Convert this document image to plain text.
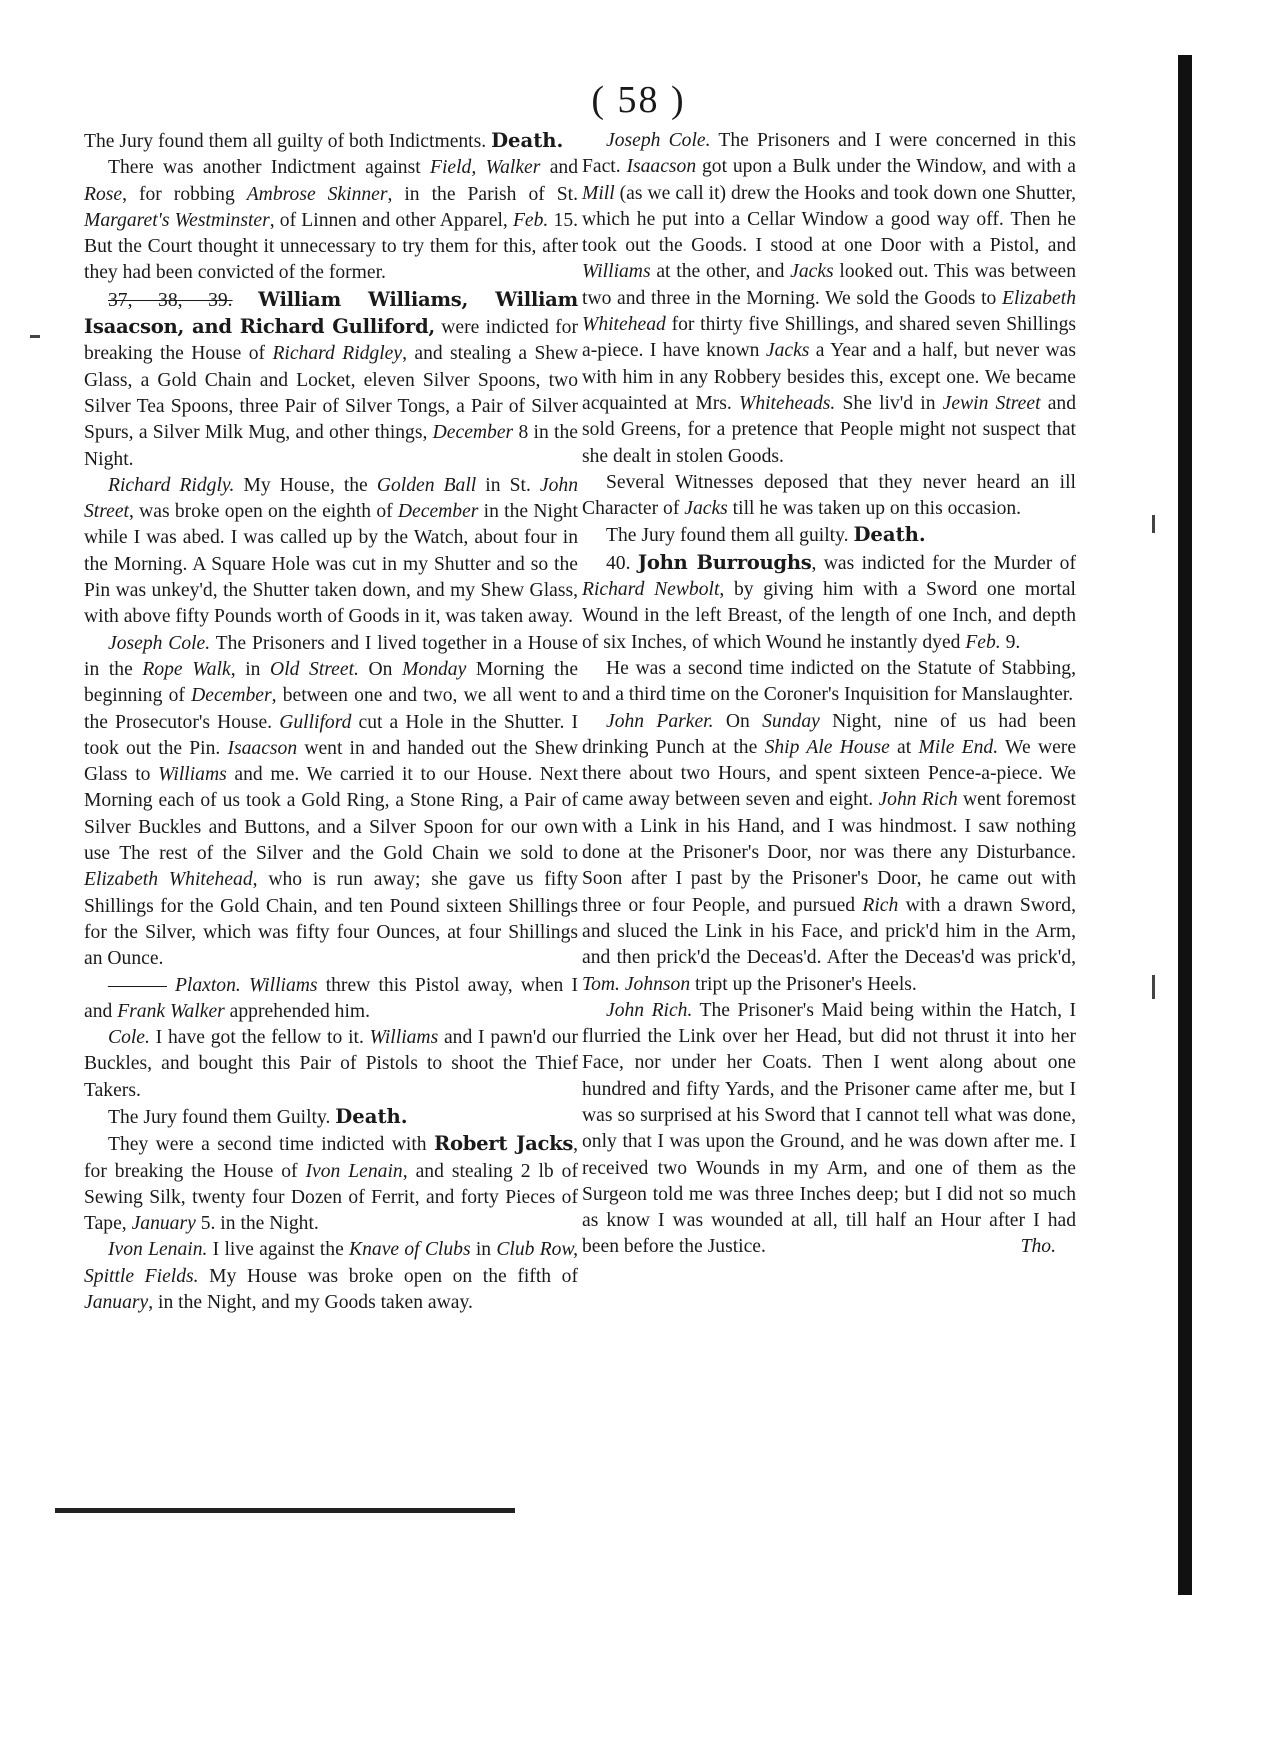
( 58 )

The Jury found them all guilty of both Indictments. Death.

There was another Indictment against Field, Walker and Rose, for robbing Ambrose Skinner, in the Parish of St. Margaret's Westminster, of Linnen and other Apparel, Feb. 15. But the Court thought it unnecessary to try them for this, after they had been convicted of the former.

37, 38, 39. William Williams, William Isaacson, and Richard Gulliford, were indicted for breaking the House of Richard Ridgley, and stealing a Shew Glass, a Gold Chain and Locket, eleven Silver Spoons, two Silver Tea Spoons, three Pair of Silver Tongs, a Pair of Silver Spurs, a Silver Milk Mug, and other things, December 8 in the Night.

Richard Ridgly. My House, the Golden Ball in St. John Street, was broke open on the eighth of December in the Night while I was abed. I was called up by the Watch, about four in the Morning. A Square Hole was cut in my Shutter and so the Pin was unkey'd, the Shutter taken down, and my Shew Glass, with above fifty Pounds worth of Goods in it, was taken away.

Joseph Cole. The Prisoners and I lived together in a House in the Rope Walk, in Old Street. On Monday Morning the beginning of December, between one and two, we all went to the Prosecutor's House. Gulliford cut a Hole in the Shutter. I took out the Pin. Isaacson went in and handed out the Shew Glass to Williams and me. We carried it to our House. Next Morning each of us took a Gold Ring, a Stone Ring, a Pair of Silver Buckles and Buttons, and a Silver Spoon for our own use The rest of the Silver and the Gold Chain we sold to Elizabeth Whitehead, who is run away; she gave us fifty Shillings for the Gold Chain, and ten Pound sixteen Shillings for the Silver, which was fifty four Ounces, at four Shillings an Ounce.

——— Plaxton. Williams threw this Pistol away, when I and Frank Walker apprehended him.

Cole. I have got the fellow to it. Williams and I pawn'd our Buckles, and bought this Pair of Pistols to shoot the Thief Takers.

The Jury found them Guilty. Death.

They were a second time indicted with Robert Jacks, for breaking the House of Ivon Lenain, and stealing 2 lb of Sewing Silk, twenty four Dozen of Ferrit, and forty Pieces of Tape, January 5. in the Night.

Ivon Lenain. I live against the Knave of Clubs in Club Row, Spittle Fields. My House was broke open on the fifth of January, in the Night, and my Goods taken away.

Joseph Cole. The Prisoners and I were concerned in this Fact. Isaacson got upon a Bulk under the Window, and with a Mill (as we call it) drew the Hooks and took down one Shutter, which he put into a Cellar Window a good way off. Then he took out the Goods. I stood at one Door with a Pistol, and Williams at the other, and Jacks looked out. This was between two and three in the Morning. We sold the Goods to Elizabeth Whitehead for thirty five Shillings, and shared seven Shillings a-piece. I have known Jacks a Year and a half, but never was with him in any Robbery besides this, except one. We became acquainted at Mrs. Whiteheads. She liv'd in Jewin Street and sold Greens, for a pretence that People might not suspect that she dealt in stolen Goods.

Several Witnesses deposed that they never heard an ill Character of Jacks till he was taken up on this occasion.

The Jury found them all guilty. Death.

40. John Burroughs, was indicted for the Murder of Richard Newbolt, by giving him with a Sword one mortal Wound in the left Breast, of the length of one Inch, and depth of six Inches, of which Wound he instantly dyed Feb. 9.

He was a second time indicted on the Statute of Stabbing, and a third time on the Coroner's Inquisition for Manslaughter.

John Parker. On Sunday Night, nine of us had been drinking Punch at the Ship Ale House at Mile End. We were there about two Hours, and spent sixteen Pence-a-piece. We came away between seven and eight. John Rich went foremost with a Link in his Hand, and I was hindmost. I saw nothing done at the Prisoner's Door, nor was there any Disturbance. Soon after I past by the Prisoner's Door, he came out with three or four People, and pursued Rich with a drawn Sword, and sluced the Link in his Face, and prick'd him in the Arm, and then prick'd the Deceas'd. After the Deceas'd was prick'd, Tom. Johnson tript up the Prisoner's Heels.

John Rich. The Prisoner's Maid being within the Hatch, I flurried the Link over her Head, but did not thrust it into her Face, nor under her Coats. Then I went along about one hundred and fifty Yards, and the Prisoner came after me, but I was so surprised at his Sword that I cannot tell what was done, only that I was upon the Ground, and he was down after me. I received two Wounds in my Arm, and one of them as the Surgeon told me was three Inches deep; but I did not so much as know I was wounded at all, till half an Hour after I had been before the Justice.	Tho.
